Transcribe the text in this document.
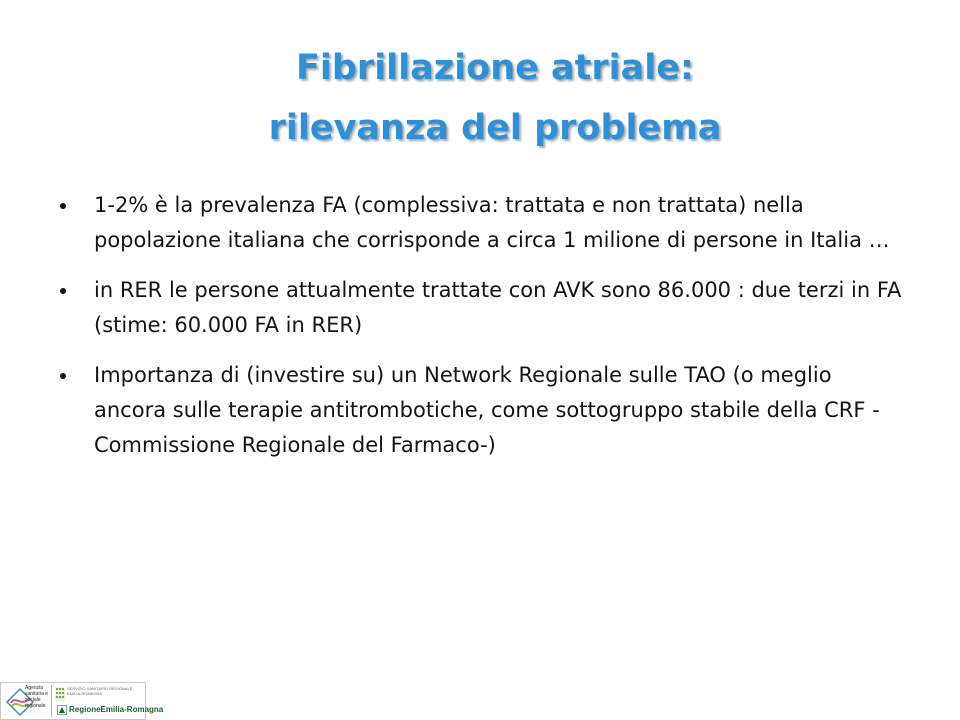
Fibrillazione atriale:
rilevanza del problema
1-2% è la prevalenza FA (complessiva: trattata e non trattata) nella popolazione italiana che corrisponde a circa 1 milione di persone in Italia …
in RER le persone attualmente trattate con AVK sono 86.000 : due terzi in FA (stime: 60.000 FA in RER)
Importanza di (investire su) un Network Regionale sulle TAO (o meglio ancora sulle terapie antitrombotiche, come sottogruppo stabile della CRF - Commissione Regionale del Farmaco-)
Agenzia sanitaria e sociale regionale
SERVIZIO SANITARIO REGIONALE EMILIA-ROMAGNA
RegioneEmilia-Romagna
